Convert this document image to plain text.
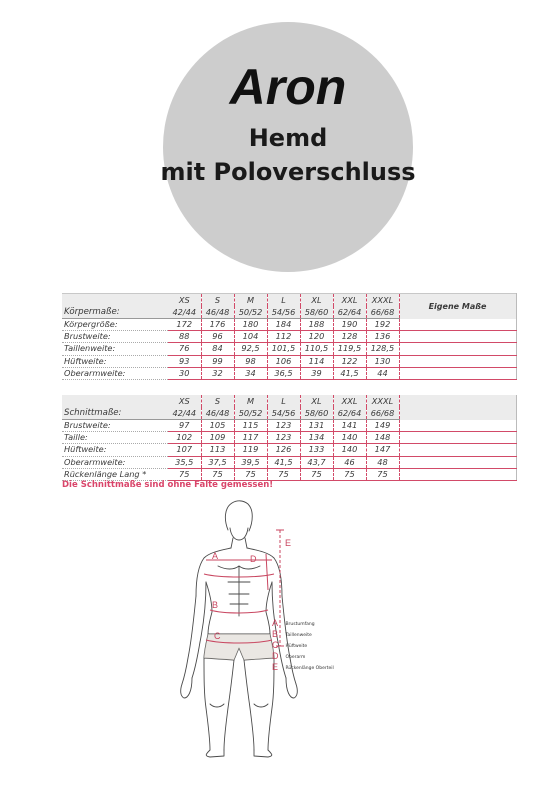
Aron
Hemd
mit Poloverschluss
	XS	S	M	L	XL	XXL	XXXL	Eigene Maße
Körpermaße:	42/44	46/48	50/52	54/56	58/60	62/64	66/68	
Körpergröße:	172	176	180	184	188	190	192	
Brustweite:	88	96	104	112	120	128	136	
Taillenweite:	76	84	92,5	101,5	110,5	119,5	128,5	
Hüftweite:	93	99	98	106	114	122	130	
Oberarmweite:	30	32	34	36,5	39	41,5	44	
	XS	S	M	L	XL	XXL	XXXL	
Schnittmaße:	42/44	46/48	50/52	54/56	58/60	62/64	66/68	
Brustweite:	97	105	115	123	131	141	149	
Taille:	102	109	117	123	134	140	148	
Hüftweite:	107	113	119	126	133	140	147	
Oberarmweite:	35,5	37,5	39,5	41,5	43,7	46	48	
Rückenlänge Lang *	75	75	75	75	75	75	75	
Die Schnittmaße sind ohne Falte gemessen!
A
B
C
D
E
A Brustumfang
B Taillenweite
C Hüftweite
D Oberarm
E Rückenlänge Oberteil
